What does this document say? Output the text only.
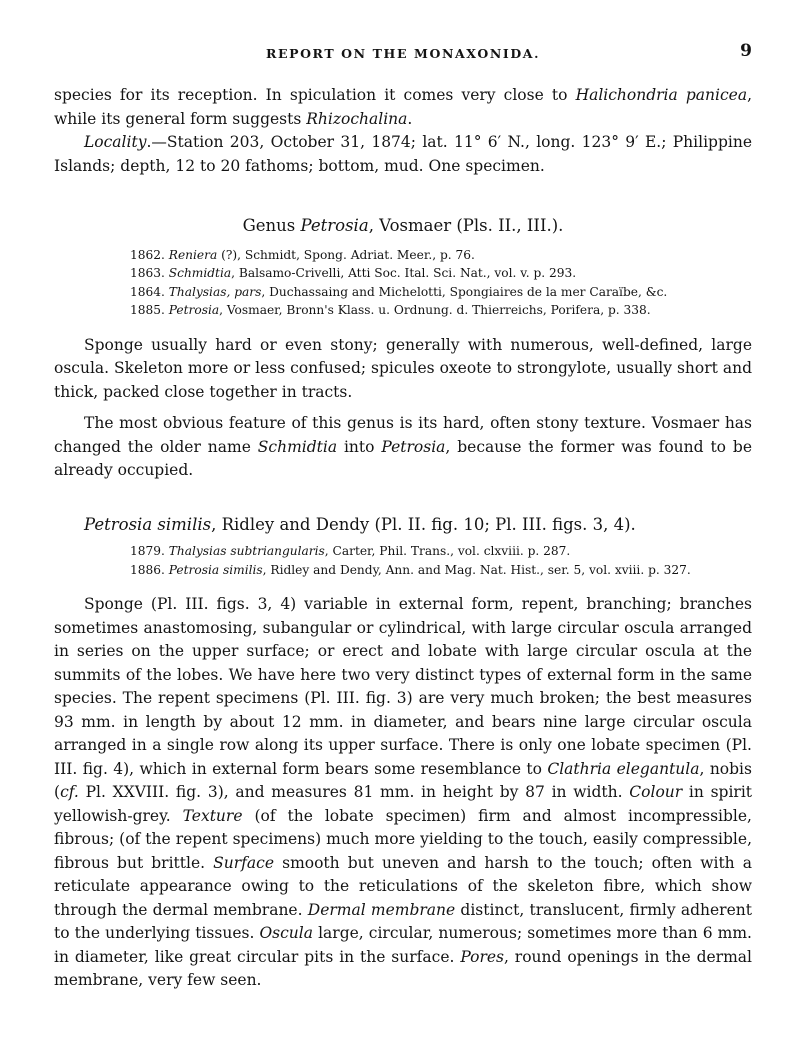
REPORT ON THE MONAXONIDA.	9

species for its reception. In spiculation it comes very close to Halichondria panicea, while its general form suggests Rhizochalina.

Locality.—Station 203, October 31, 1874; lat. 11° 6′ N., long. 123° 9′ E.; Philippine Islands; depth, 12 to 20 fathoms; bottom, mud. One specimen.

Genus Petrosia, Vosmaer (Pls. II., III.).
1862. Reniera (?), Schmidt, Spong. Adriat. Meer., p. 76.
1863. Schmidtia, Balsamo-Crivelli, Atti Soc. Ital. Sci. Nat., vol. v. p. 293.
1864. Thalysias, pars, Duchassaing and Michelotti, Spongiaires de la mer Caraïbe, &c.
1885. Petrosia, Vosmaer, Bronn's Klass. u. Ordnung. d. Thierreichs, Porifera, p. 338.

Sponge usually hard or even stony; generally with numerous, well-defined, large oscula. Skeleton more or less confused; spicules oxeote to strongylote, usually short and thick, packed close together in tracts.

The most obvious feature of this genus is its hard, often stony texture. Vosmaer has changed the older name Schmidtia into Petrosia, because the former was found to be already occupied.

Petrosia similis, Ridley and Dendy (Pl. II. fig. 10; Pl. III. figs. 3, 4).
1879. Thalysias subtriangularis, Carter, Phil. Trans., vol. clxviii. p. 287.
1886. Petrosia similis, Ridley and Dendy, Ann. and Mag. Nat. Hist., ser. 5, vol. xviii. p. 327.

Sponge (Pl. III. figs. 3, 4) variable in external form, repent, branching; branches sometimes anastomosing, subangular or cylindrical, with large circular oscula arranged in series on the upper surface; or erect and lobate with large circular oscula at the summits of the lobes. We have here two very distinct types of external form in the same species. The repent specimens (Pl. III. fig. 3) are very much broken; the best measures 93 mm. in length by about 12 mm. in diameter, and bears nine large circular oscula arranged in a single row along its upper surface. There is only one lobate specimen (Pl. III. fig. 4), which in external form bears some resemblance to Clathria elegantula, nobis (cf. Pl. XXVIII. fig. 3), and measures 81 mm. in height by 87 in width. Colour in spirit yellowish-grey. Texture (of the lobate specimen) firm and almost incompressible, fibrous; (of the repent specimens) much more yielding to the touch, easily compressible, fibrous but brittle. Surface smooth but uneven and harsh to the touch; often with a reticulate appearance owing to the reticulations of the skeleton fibre, which show through the dermal membrane. Dermal membrane distinct, translucent, firmly adherent to the underlying tissues. Oscula large, circular, numerous; sometimes more than 6 mm. in diameter, like great circular pits in the surface. Pores, round openings in the dermal membrane, very few seen.
